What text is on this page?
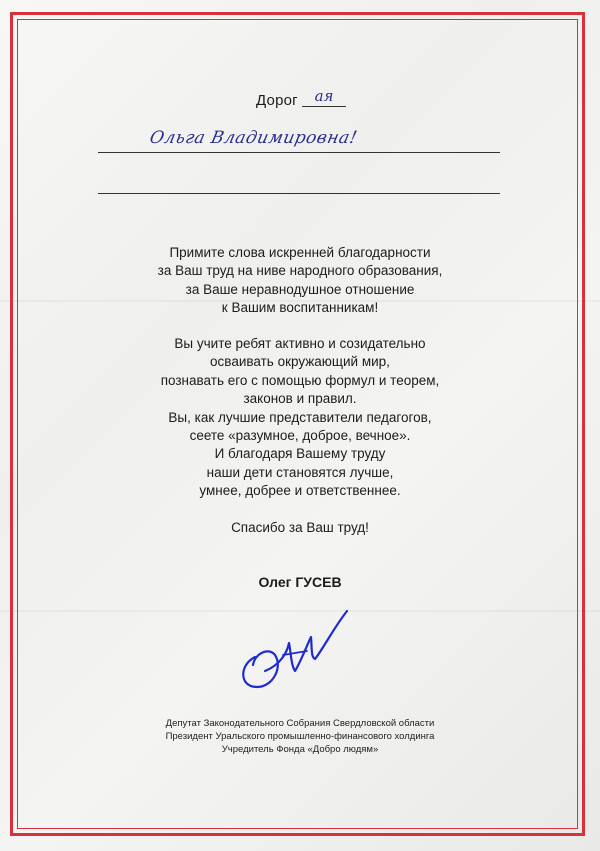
Дорог	ая
Ольга Владимировна!
Примите слова искренней благодарности
за Ваш труд на ниве народного образования,
за Ваше неравнодушное отношение
к Вашим воспитанникам!
Вы учите ребят активно и созидательно
осваивать окружающий мир,
познавать его с помощью формул и теорем,
законов и правил.
Вы, как лучшие представители педагогов,
сеете «разумное, доброе, вечное».
И благодаря Вашему труду
наши дети становятся лучше,
умнее, добрее и ответственнее.
Спасибо за Ваш труд!
Олег ГУСЕВ
Депутат Законодательного Собрания Свердловской области
Президент Уральского промышленно-финансового холдинга
Учредитель Фонда «Добро людям»
